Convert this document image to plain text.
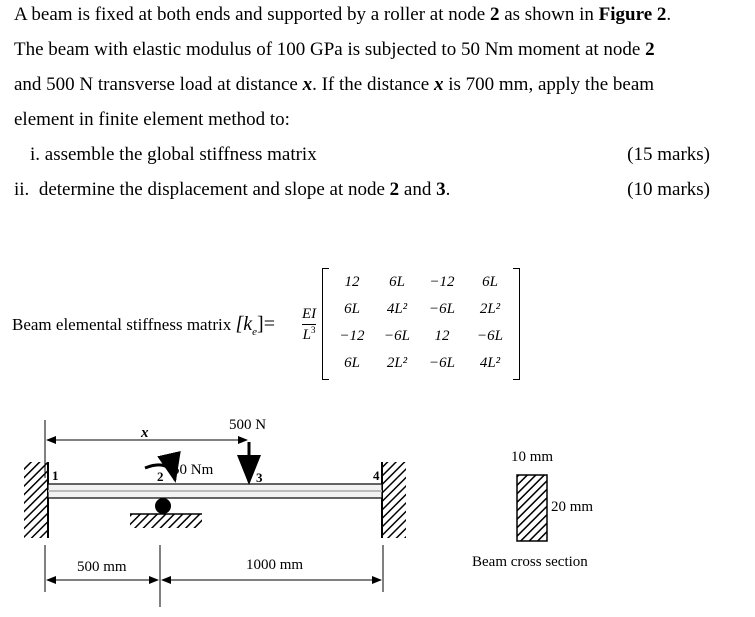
A beam is fixed at both ends and supported by a roller at node 2 as shown in Figure 2.
The beam with elastic modulus of 100 GPa is subjected to 50 Nm moment at node 2
and 500 N transverse load at distance x. If the distance x is 700 mm, apply the beam
element in finite element method to:
i. assemble the global stiffness matrix	(15 marks)
ii. determine the displacement and slope at node 2 and 3.	(10 marks)
Beam elemental stiffness matrix $[k_e]= \frac{EI}{L^3}$
12	6L	−12	6L
6L	4L²	−6L	2L²
−12	−6L	12	−6L
6L	2L²	−6L	4L²
x	500 N
50 Nm
1	2	3	4
500 mm	1000 mm
10 mm
20 mm
Beam cross section
